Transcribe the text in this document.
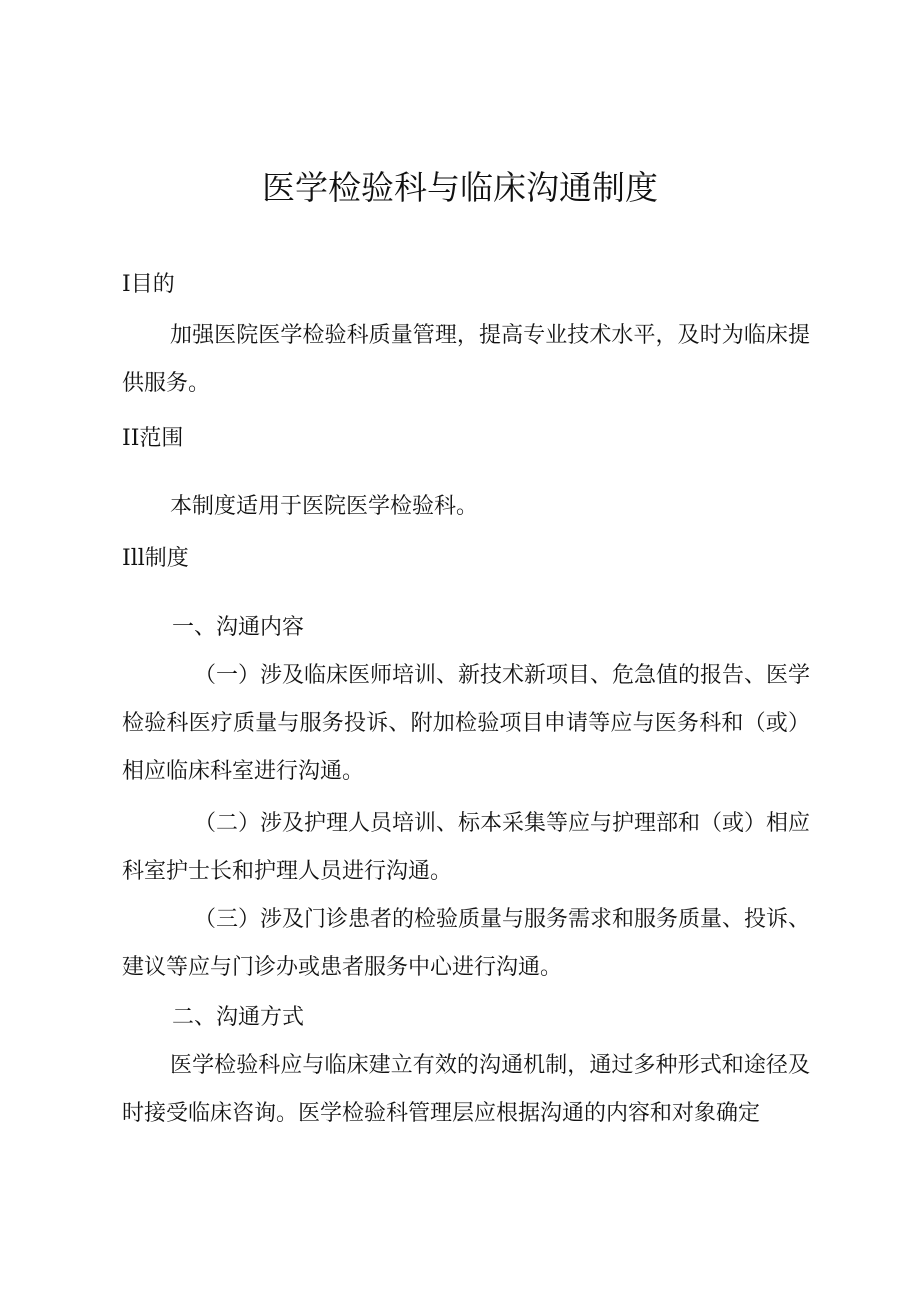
医学检验科与临床沟通制度
I目的
加强医院医学检验科质量管理，提高专业技术水平，及时为临床提供服务。
II范围
本制度适用于医院医学检验科。
Ill制度
一、沟通内容
（一）涉及临床医师培训、新技术新项目、危急值的报告、医学检验科医疗质量与服务投诉、附加检验项目申请等应与医务科和（或）相应临床科室进行沟通。
（二）涉及护理人员培训、标本采集等应与护理部和（或）相应科室护士长和护理人员进行沟通。
（三）涉及门诊患者的检验质量与服务需求和服务质量、投诉、建议等应与门诊办或患者服务中心进行沟通。
二、沟通方式
医学检验科应与临床建立有效的沟通机制，通过多种形式和途径及时接受临床咨询。医学检验科管理层应根据沟通的内容和对象确定
